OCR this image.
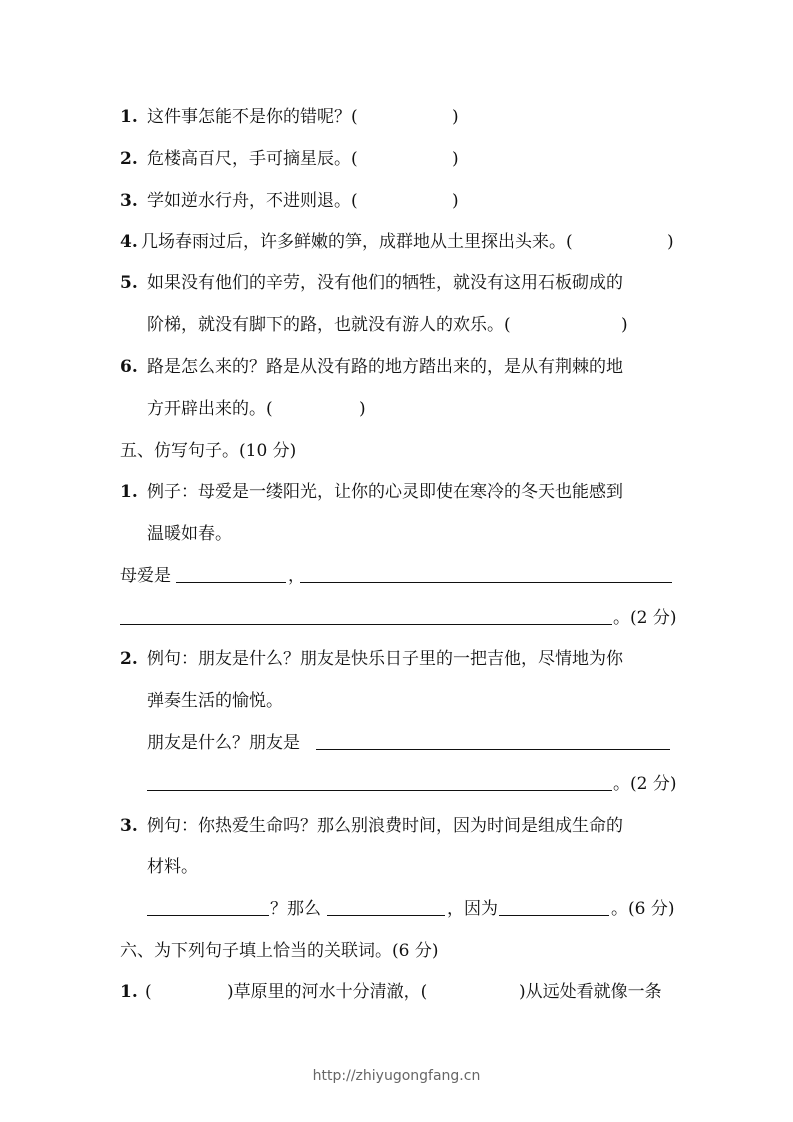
1. 这件事怎能不是你的错呢？(	)
2. 危楼高百尺，手可摘星辰。(	)
3. 学如逆水行舟，不进则退。(	)
4. 几场春雨过后，许多鲜嫩的笋，成群地从土里探出头来。(	)
5. 如果没有他们的辛劳，没有他们的牺牲，就没有这用石板砌成的
阶梯，就没有脚下的路，也就没有游人的欢乐。(	)
6. 路是怎么来的？路是从没有路的地方踏出来的，是从有荆棘的地
方开辟出来的。(	)
五、仿写句子。(10 分)
1. 例子：母爱是一缕阳光，让你的心灵即使在寒冷的冬天也能感到
温暖如春。
母爱是	，
。(2 分)
2. 例句：朋友是什么？朋友是快乐日子里的一把吉他，尽情地为你
弹奏生活的愉悦。
朋友是什么？朋友是
。(2 分)
3. 例句：你热爱生命吗？那么别浪费时间，因为时间是组成生命的
材料。
？那么	，因为	。(6 分)
六、为下列句子填上恰当的关联词。(6 分)
1. (	)草原里的河水十分清澈，(	)从远处看就像一条
http://zhiyugongfang.cn
